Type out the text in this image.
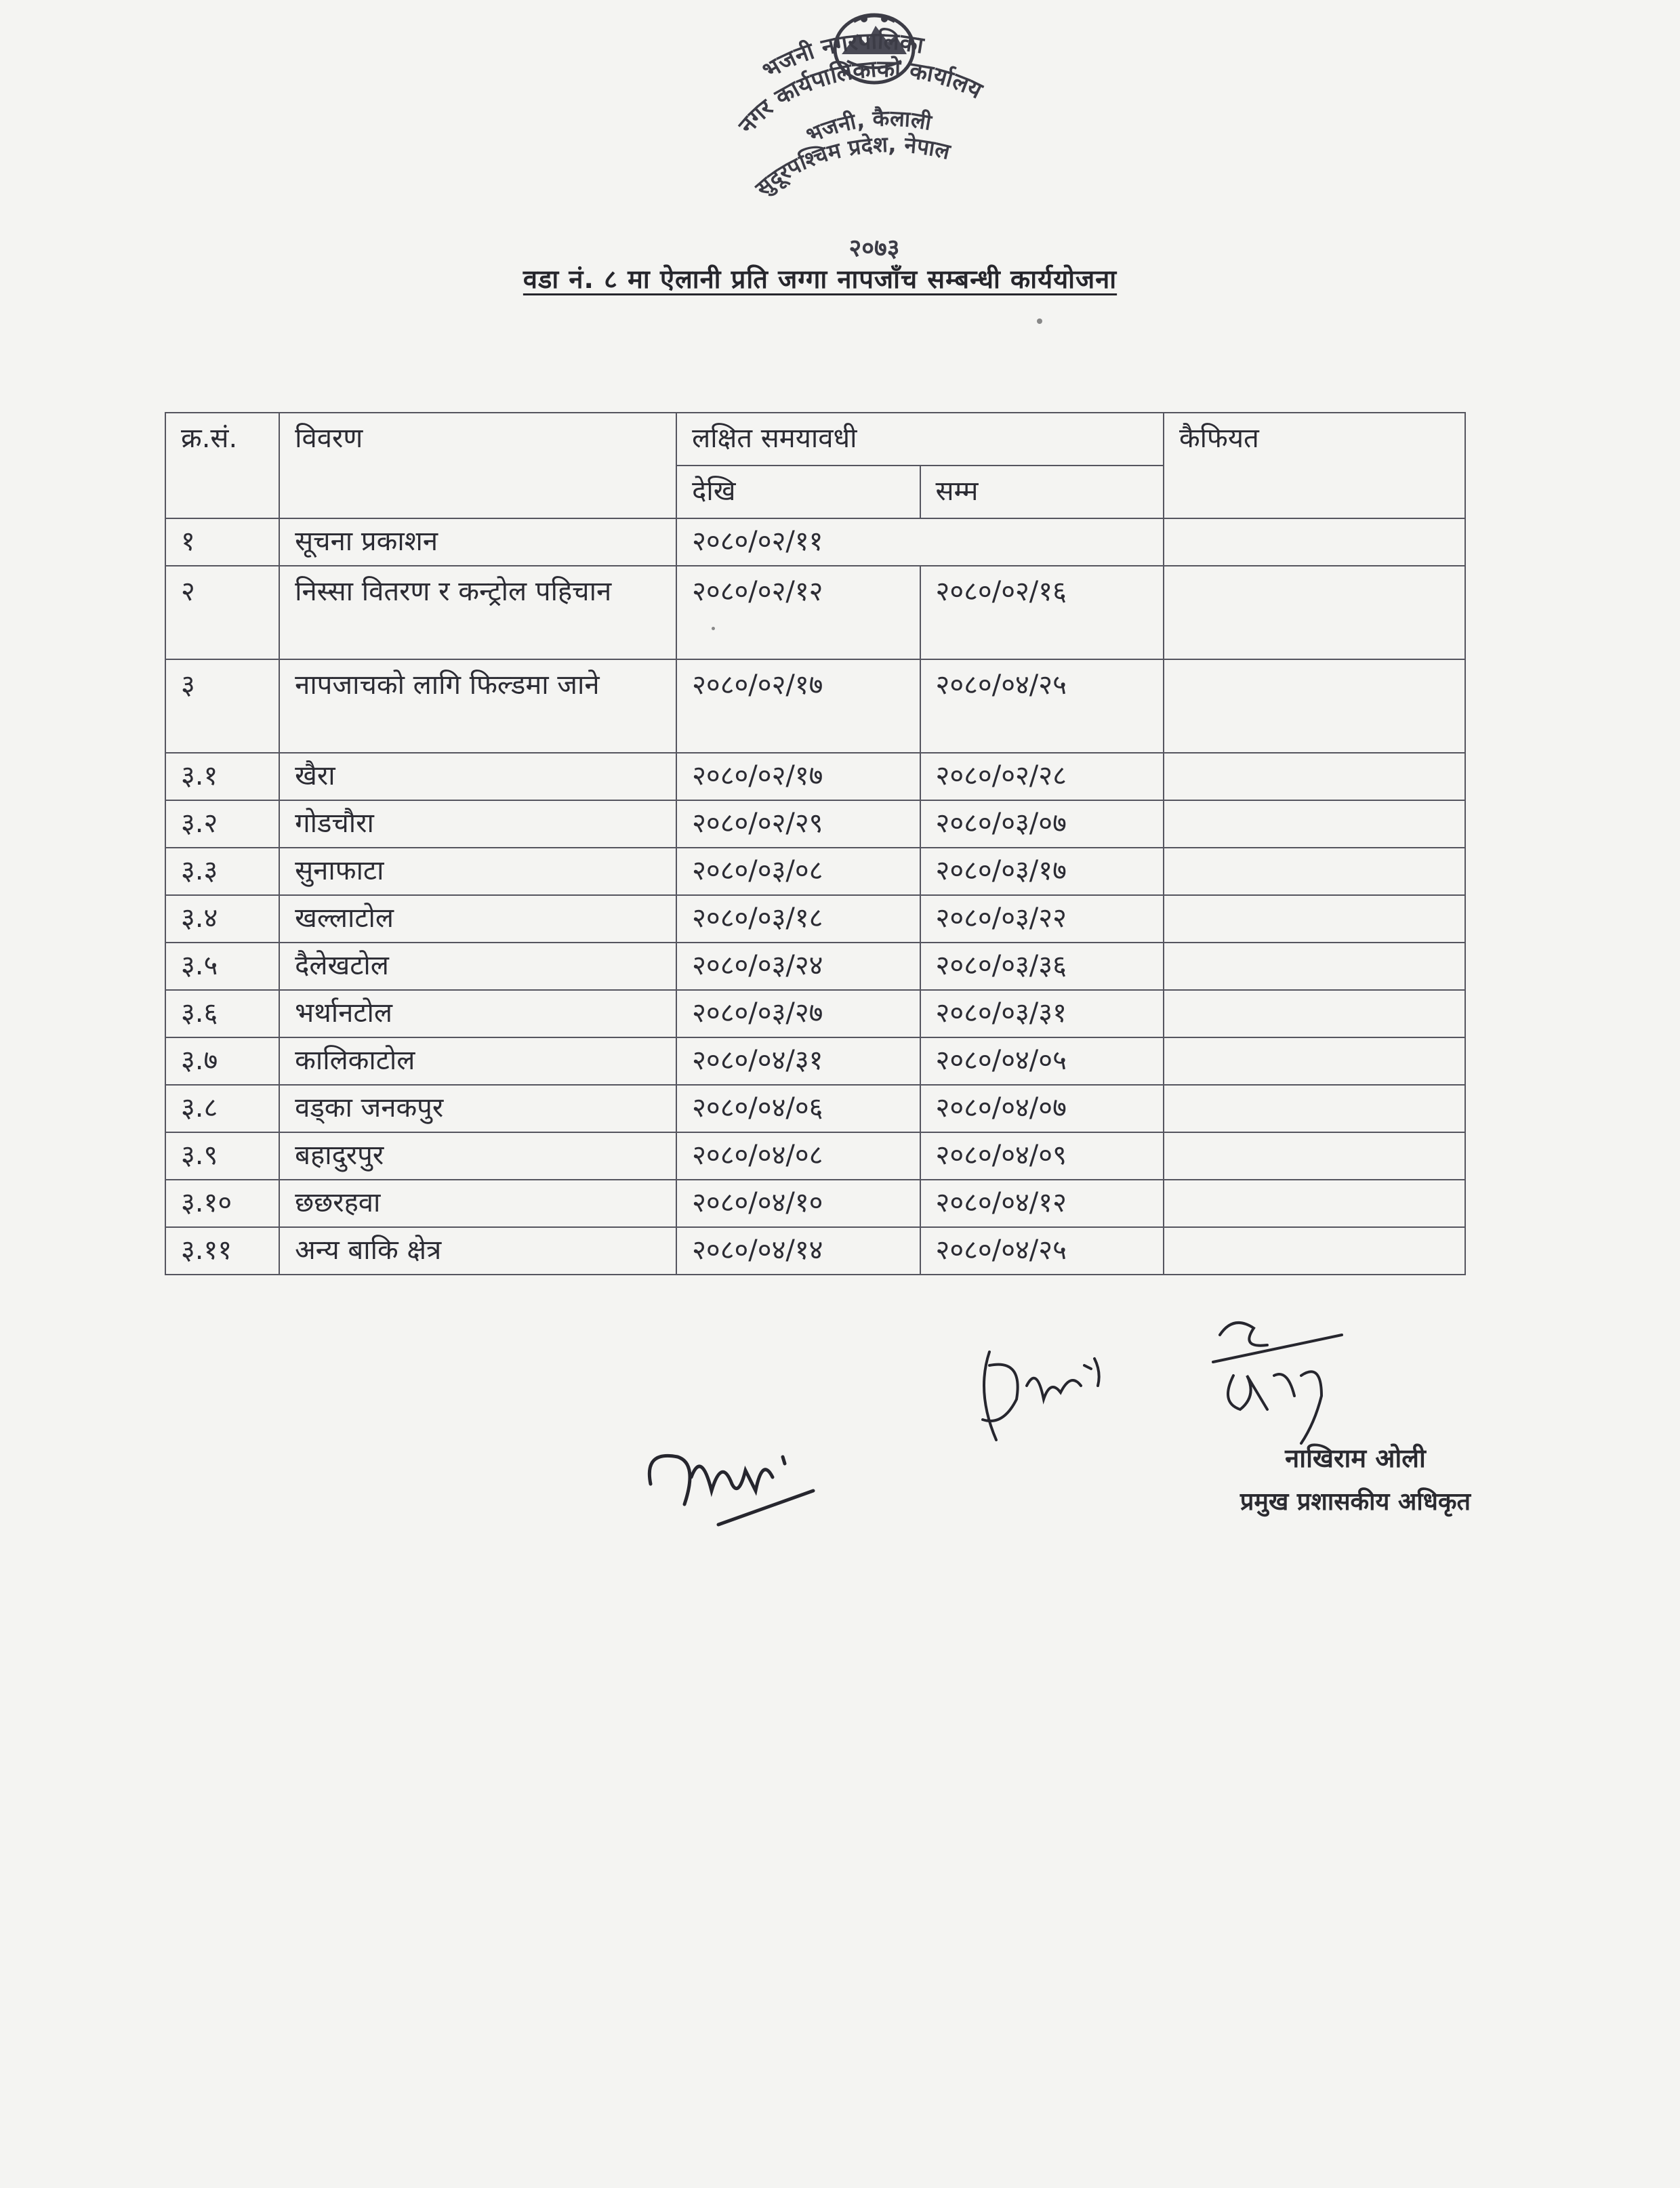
भजनी नगरपालिका
नगर कार्यपालिकाको कार्यालय
भजनी, कैलाली
सुदूरपश्चिम प्रदेश, नेपाल
२०७३
वडा नं. ८ मा ऐलानी प्रति जग्गा नापजाँच सम्बन्धी कार्ययोजना
क्र.सं.	विवरण	लक्षित समयावधी		कैफियत
		देखि	सम्म	
१	सूचना प्रकाशन	२०८०/०२/११		
२	निस्सा वितरण र कन्ट्रोल पहिचान	२०८०/०२/१२	२०८०/०२/१६	
३	नापजाचको लागि फिल्डमा जाने	२०८०/०२/१७	२०८०/०४/२५	
३.१	खैरा	२०८०/०२/१७	२०८०/०२/२८	
३.२	गोडचौरा	२०८०/०२/२९	२०८०/०३/०७	
३.३	सुनाफाटा	२०८०/०३/०८	२०८०/०३/१७	
३.४	खल्लाटोल	२०८०/०३/१८	२०८०/०३/२२	
३.५	दैलेखटोल	२०८०/०३/२४	२०८०/०३/३६	
३.६	भर्थानटोल	२०८०/०३/२७	२०८०/०३/३१	
३.७	कालिकाटोल	२०८०/०४/३१	२०८०/०४/०५	
३.८	वड्का जनकपुर	२०८०/०४/०६	२०८०/०४/०७	
३.९	बहादुरपुर	२०८०/०४/०८	२०८०/०४/०९	
३.१०	छछरहवा	२०८०/०४/१०	२०८०/०४/१२	
३.११	अन्य बाकि क्षेत्र	२०८०/०४/१४	२०८०/०४/२५	
नाखिराम ओली
प्रमुख प्रशासकीय अधिकृत
